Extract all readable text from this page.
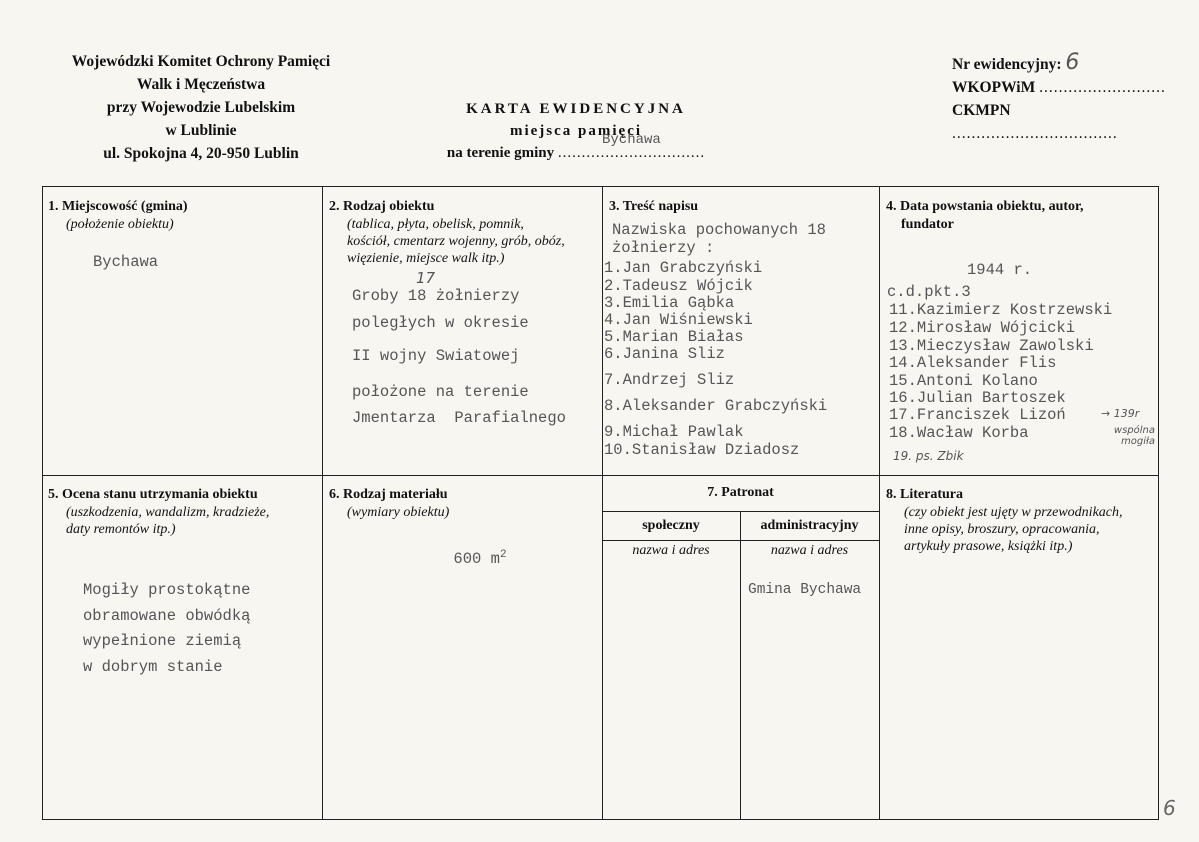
Wojewódzki Komitet Ochrony Pamięci
Walk i Męczeństwa
przy Wojewodzie Lubelskim
w Lublinie
ul. Spokojna 4, 20-950 Lublin
KARTA EWIDENCYJNA
miejsca pamięci
na terenie gminy ...............................
Bychawa
Nr ewidencyjny: 6
WKOPWiM ..........................
CKMPN ..................................
1. Miejscowość (gmina)
(położenie obiektu)
Bychawa
2. Rodzaj obiektu
(tablica, płyta, obelisk, pomnik,
kościół, cmentarz wojenny, grób, obóz,
więzienie, miejsce walk itp.)
17
Groby 18 żołnierzy
poległych w okresie
II wojny Swiatowej
położone na terenie
Jmentarza  Parafialnego
3. Treść napisu
Nazwiska pochowanych 18
żołnierzy :
1.Jan Grabczyński
2.Tadeusz Wójcik
3.Emilia Gąbka
4.Jan Wiśniewski
5.Marian Białas
6.Janina Sliz
7.Andrzej Sliz
8.Aleksander Grabczyński
9.Michał Pawlak
10.Stanisław Dziadosz
4. Data powstania obiektu, autor,
fundator
1944 r.
c.d.pkt.3
11.Kazimierz Kostrzewski
12.Mirosław Wójcicki
13.Mieczysław Zawolski
14.Aleksander Flis
15.Antoni Kolano
16.Julian Bartoszek
17.Franciszek Lizoń
18.Wacław Korba
19. ps. Zbik
→ 139r
wspólna mogiła
5. Ocena stanu utrzymania obiektu
(uszkodzenia, wandalizm, kradzieże,
daty remontów itp.)
Mogiły prostokątne
obramowane obwódką
wypełnione ziemią
w dobrym stanie
6. Rodzaj materiału
(wymiary obiektu)

600 $m^2$

7. Patronat
społeczny	administracyjny
nazwa i adres	nazwa i adres
Gmina Bychawa
8. Literatura
(czy obiekt jest ujęty w przewodnikach,
inne opisy, broszury, opracowania,
artykuły prasowe, książki itp.)
6
